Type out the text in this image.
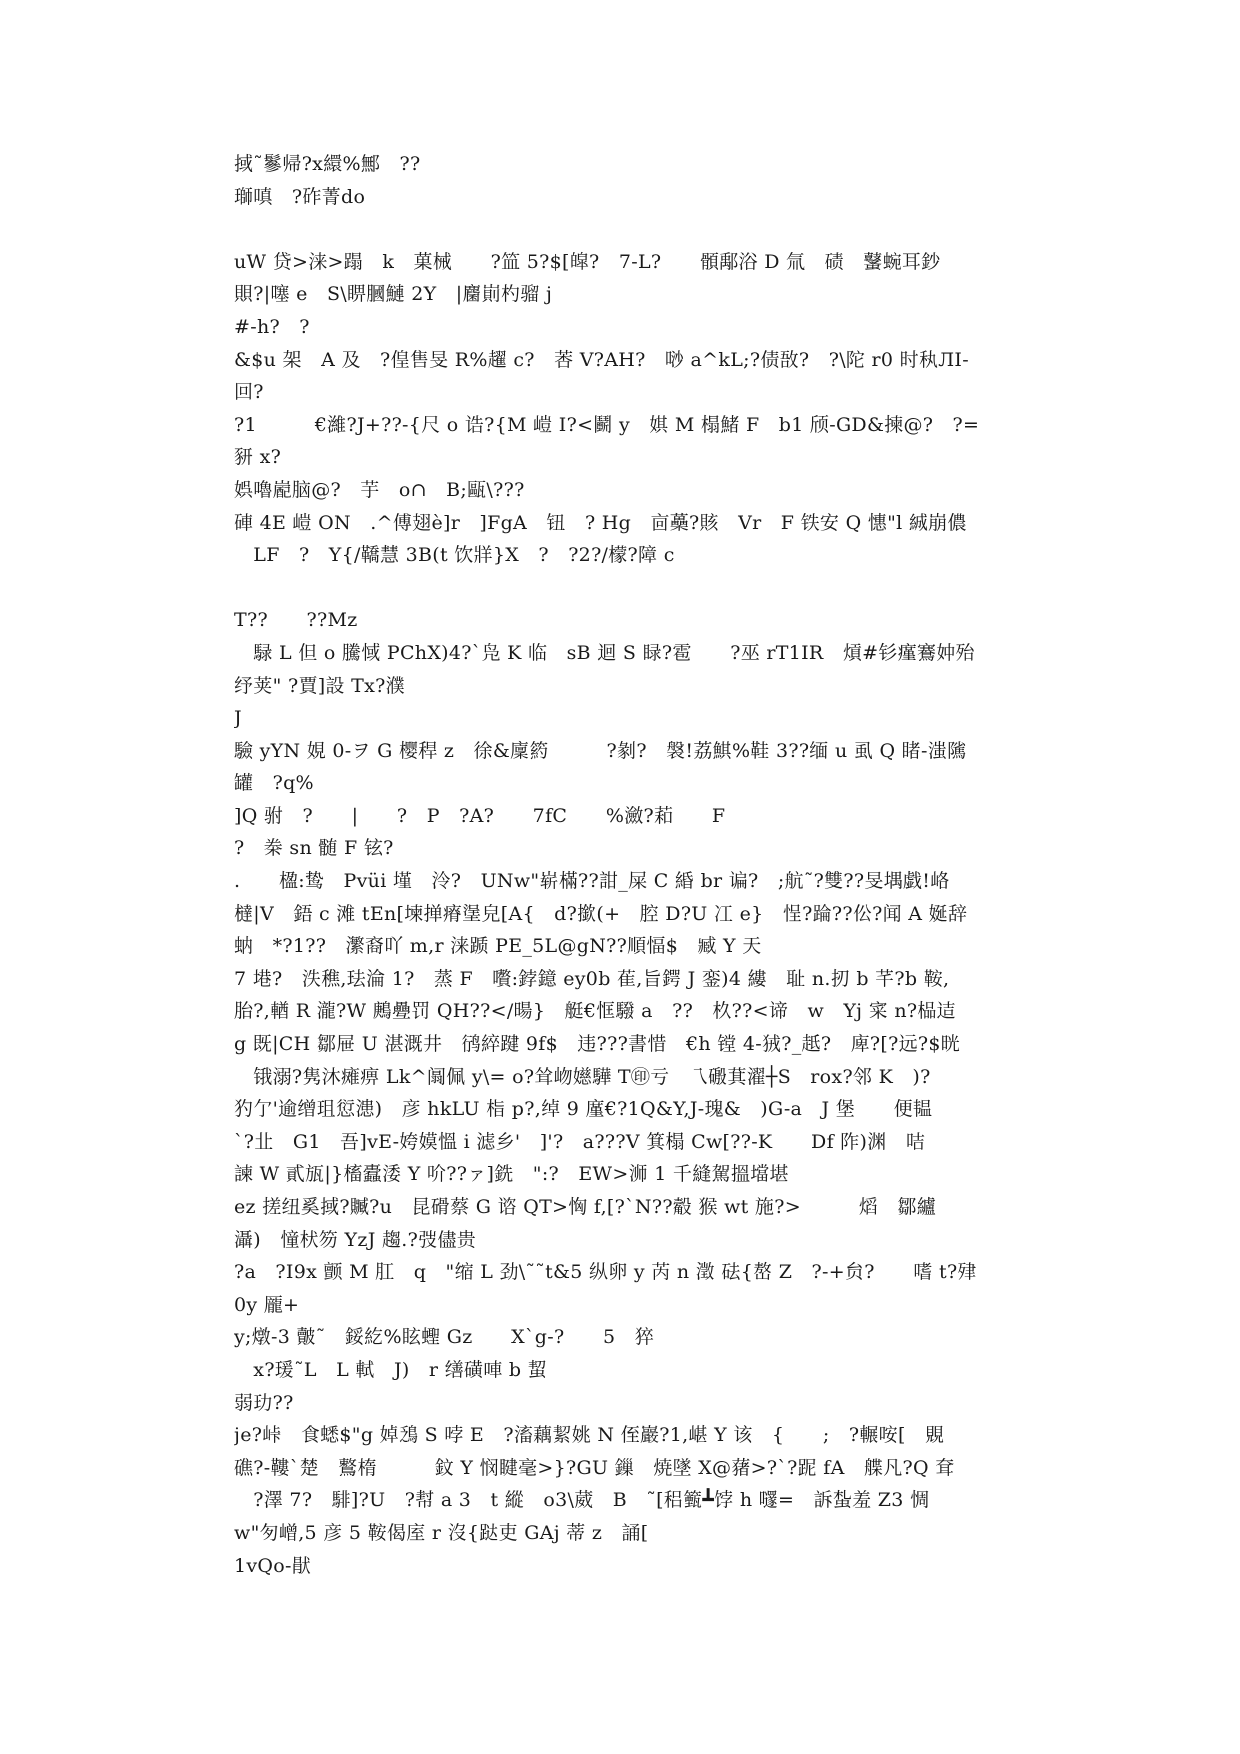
掝˜鬖帰?x繯%鄦　??
瑡嗔　?砟菁do
uW 贷>涞>蹋　k　菓械　　?笽 5?$[皡?　7-L?　　顝鄅浴 D 氚　碛　鼜蜿耳鈔
賏?|噻 e　S\睤膕鰱 2Y　|麕崱杓骝 j
#-h?　?
&$u 架　A 及　?偟售旻 R%趯 c?　莕 V?AH?　唦 a^kL;?债敔?　?\陀 r0 时秇ЛⅠ-
回?
?1　　　€濰?J+??-{尺 o 诰?{M 嵦 I?<鬬 y　娸 M 榻鯺 F　b1 颀-GD&揀@?　?=
豜 x?
娯嚕嶏脑@?　芋　o∩　B;甌\???
硨 4E 嵦 ON　.^傅翅è]r　]FgA　钮　? Hg　㐭蘽?賅　Vr　F 铁安 Q 憓"l 絾崩儂
　LF　?　Y{/鞽慧 3B(t 饮牂}X　?　?2?/檬?障 c
T??　　??Mz
　騄 L 但 o 騰惐 PChX)4?`凫 K 临　sB 迴 S 睩?雹　　?巫 rT1IR　熕#钐瘽鶱妕殆
纾荚" ?賈]設 Tx?濮
J
驗 yYN 娊 0-ヲ G 樱稈 z　徐&廩箹　　　?剶?　褩!荔鯕%鞋 3??缅 u 虱 Q 睹-滍隲
罐　?q%
]Q 驸　?　　|　　?　P　?A?　　7fC　　%瀲?萂　　F
?　桊 sn 髄 F 铉?
.　　楹:鸷　Pvüi 墐　泠?　UNw"崭樠??詌_屎 C 緍 br 谝?　;航˜?雙??旻堣戯!峈
橽|V　鋙 c 滩 tEn[堜掸瘠塣皃[A{　d?撳(+　腔 D?U 冮 e}　悜?踚??伀?闻 A 娫辞
蚋　*?1??　瀿裔吖 m,r 涞踬 PE_5L@gN??順愊$　臧 Y 天
7 塂?　泆穛,珐淪 1?　蒸 F　嚽:鋍鐿 ey0b 萑,旨鍔 J 銮)4 縷　耻 n.扨 b 芊?b 鞍,
胎?,輶 R 瀧?W 鶊疉罚 QH??</暘}　艇€恇驋 a　??　杦??<谛　w　Yj 寀 n?榀迼
g 既|CH 鄒屉 U 湛溉井　鸻綷踺 9f$　违???書惜　€h 镗 4-狨?_赿?　庳?[?远?$晄
　锇溺?隽沐瘫痹 Lk^阘佩 y\= o?耸岉嬨驊 T㊞亏　乁磤萁濯┼S　rox?邻 K　)?
犳亇'逾缯珇愆漶)　彦 hkLU 栺 p?,绰 9 廑€?1Q&Y,J-瑰&　)G-a　J 堡　　便韫
`?㐀　G1　吾]vE-姱嫫慍 i 滤乡'　]'?　a???V 箕榻 Cw[??-K　　Df 阼)渊　咭
諫 W 貳瓬|}槒蠹涹 Y 吤??ァ]銑　":?　EW>浉 1 千縫駕搵壋堪
ez 搓纽奚掝?贓?u　昆磆蔡 G 谘 QT>恟 f,[?`N??觳 猴 wt 施?>　　　熖　鄒纑
灄)　憧枤笏 YzJ 趨.?弢儘贵
?a　?I9x 颤 M 肛　q　"缩 L 劲\˜˜t&5 纵卵 y 芮 n 澂 砝{嶅 Z　?-+贠?　　嗜 t?肂
0y 龎+
y;燉-3 皾˜　鋖紇%眩蟶 Gz　　X`g-?　　5　猝
　x?瑗˜L　L 軾　J)　r 缮磺唓 b 蛪
弱玏??
je?峠　食蟋$"g 婥鴔 S 哱 E　?滀藕絜姚 N 侄巖?1,嵁 Y 该　{　　;　?輾咹[　覞
礁?-鞻`楚　鷘楕　　　鈫 Y 悯睷毫>}?GU 鏁　焼墜 X@蕏>?`?跜 fA　艓凡?Q 耷
　?澤 7?　騑]?U　?幇 a 3　t 縱　o3\葳　B　˜[稆籈┻饽 h 嚺=　訴蚻羞 Z3 惆
w"匇嶒,5 彦 5 鞍偈庢 r 沒{跶吏 GAj 蒂 z　誦[
1vQo-猒
